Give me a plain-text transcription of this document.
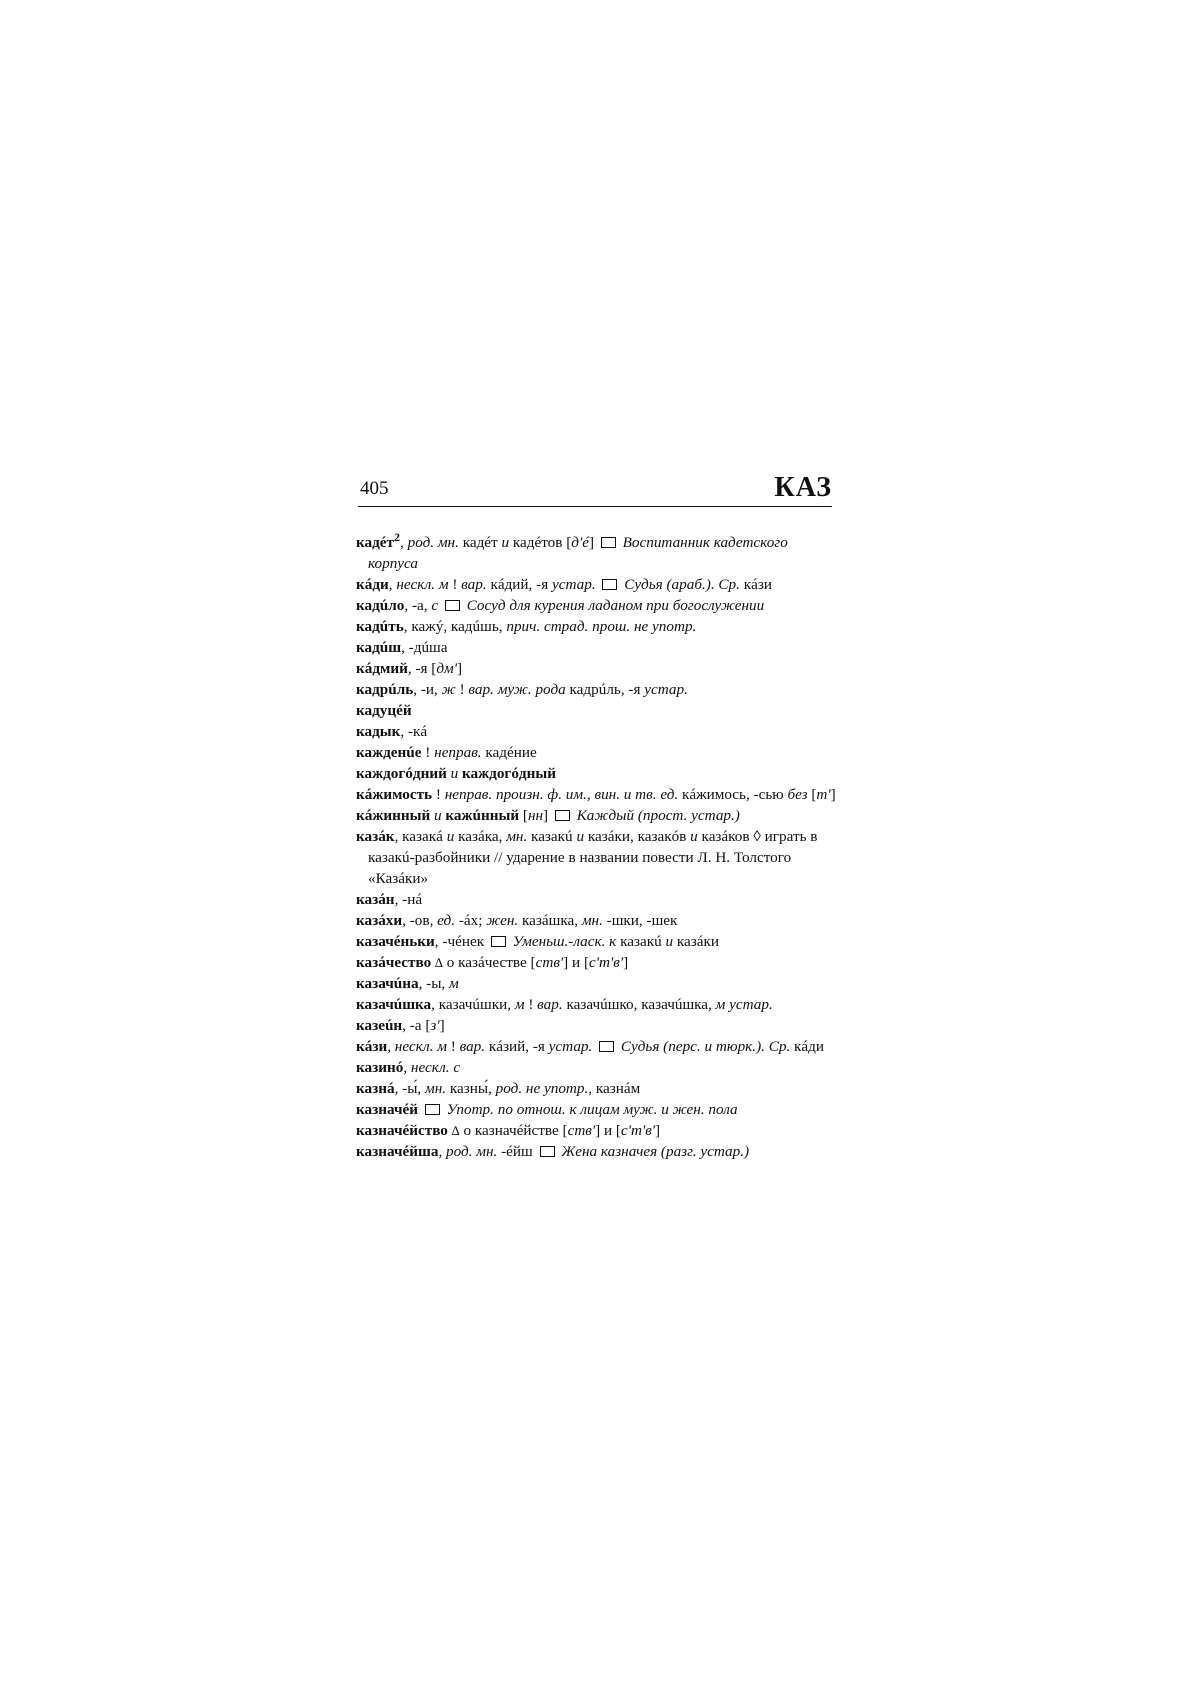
405	КАЗ

кадéт$^2$, род. мн. кадéт и кадéтов [д'é]  Воспитанник кадетского корпуса

кáди, нескл. м ! вар. кáдий, -я устар.  Судья (араб.). Ср. кáзи

кадúло, -а, с  Сосуд для курения ладаном при богослужении

кадúть, кажý, кадúшь, прич. страд. прош. не употр.

кадúш, -дúша

кáдмий, -я [дм']

кадрúль, -и, ж ! вар. муж. рода кадрúль, -я устар.

кадуцéй

кадык, -кá

кажденúе ! неправ. кадéние

каждогóдний и каждогóдный

кáжимость ! неправ. произн. ф. им., вин. и тв. ед. кáжимось, -сью без [т']

кáжинный и кажúнный [нн]  Каждый (прост. устар.)

казáк, казакá и казáка, мн. казакú и казáки, казакóв и казáков ◊ играть в казакú-разбойники // ударение в названии повести Л. Н. Толстого «Казáки»

казáн, -нá

казáхи, -ов, ед. -áх; жен. казáшка, мн. -шки, -шек

казачéньки, -чéнек  Уменьш.-ласк. к казакú и казáки

казáчество ∆ о казáчестве [ств'] и [с'т'в']

казачúна, -ы, м

казачúшка, казачúшки, м ! вар. казачúшко, казачúшка, м устар.

казеúн, -а [з']

кáзи, нескл. м ! вар. кáзий, -я устар.  Судья (перс. и тюрк.). Ср. кáди

казинó, нескл. с

казнá, -ы́, мн. казны́, род. не употр., казнáм

казначéй  Употр. по отнош. к лицам муж. и жен. пола

казначéйство ∆ о казначéйстве [ств'] и [с'т'в']

казначéйша, род. мн. -éйш  Жена казначея (разг. устар.)
